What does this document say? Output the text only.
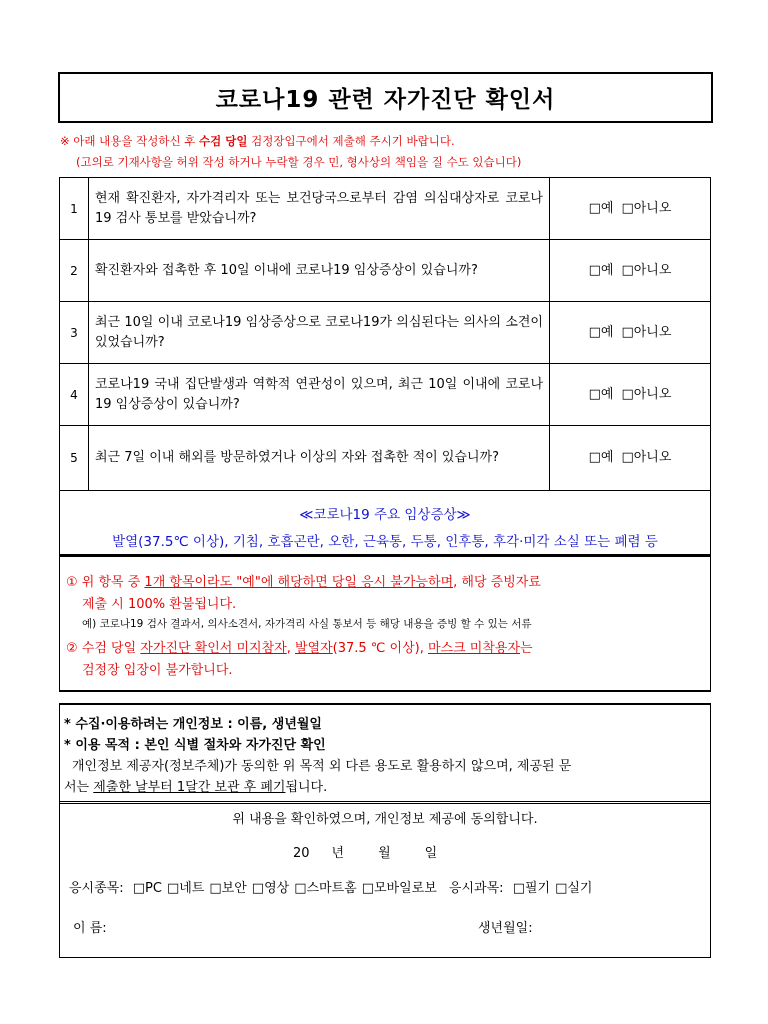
코로나19 관련 자가진단 확인서
※ 아래 내용을 작성하신 후 수검 당일 검정장입구에서 제출해 주시기 바랍니다.
(고의로 기재사항을 허위 작성 하거나 누락할 경우 민, 형사상의 책임을 질 수도 있습니다)
1	현재 확진환자, 자가격리자 또는 보건당국으로부터 감염 의심대상자로 코로나19 검사 통보를 받았습니까?	□예 □아니오
2	확진환자와 접촉한 후 10일 이내에 코로나19 임상증상이 있습니까?	□예 □아니오
3	최근 10일 이내 코로나19 임상증상으로 코로나19가 의심된다는 의사의 소견이 있었습니까?	□예 □아니오
4	코로나19 국내 집단발생과 역학적 연관성이 있으며, 최근 10일 이내에 코로나19 임상증상이 있습니까?	□예 □아니오
5	최근 7일 이내 해외를 방문하였거나 이상의 자와 접촉한 적이 있습니까?	□예 □아니오
≪코로나19 주요 임상증상≫
발열(37.5℃ 이상), 기침, 호흡곤란, 오한, 근육통, 두통, 인후통, 후각·미각 소실 또는 폐렴 등
① 위 항목 중 1개 항목이라도 "예"에 해당하면 당일 응시 불가능하며, 해당 증빙자료
제출 시 100% 환불됩니다.
예) 코로나19 검사 결과서, 의사소견서, 자가격리 사실 통보서 등 해당 내용을 증빙 할 수 있는 서류
② 수검 당일 자가진단 확인서 미지참자, 발열자(37.5 ℃ 이상), 마스크 미착용자는
검정장 입장이 불가합니다.
* 수집·이용하려는 개인정보 : 이름, 생년월일
* 이용 목적 : 본인 식별 절차와 자가진단 확인
개인정보 제공자(정보주체)가 동의한 위 목적 외 다른 용도로 활용하지 않으며, 제공된 문
서는 제출한 날부터 1달간 보관 후 폐기됩니다.
위 내용을 확인하였으며, 개인정보 제공에 동의합니다.
20 년	월	일
응시종목: □PC □네트 □보안 □영상 □스마트홈 □모바일로보 응시과목: □필기 □실기
이 름:	생년월일:
